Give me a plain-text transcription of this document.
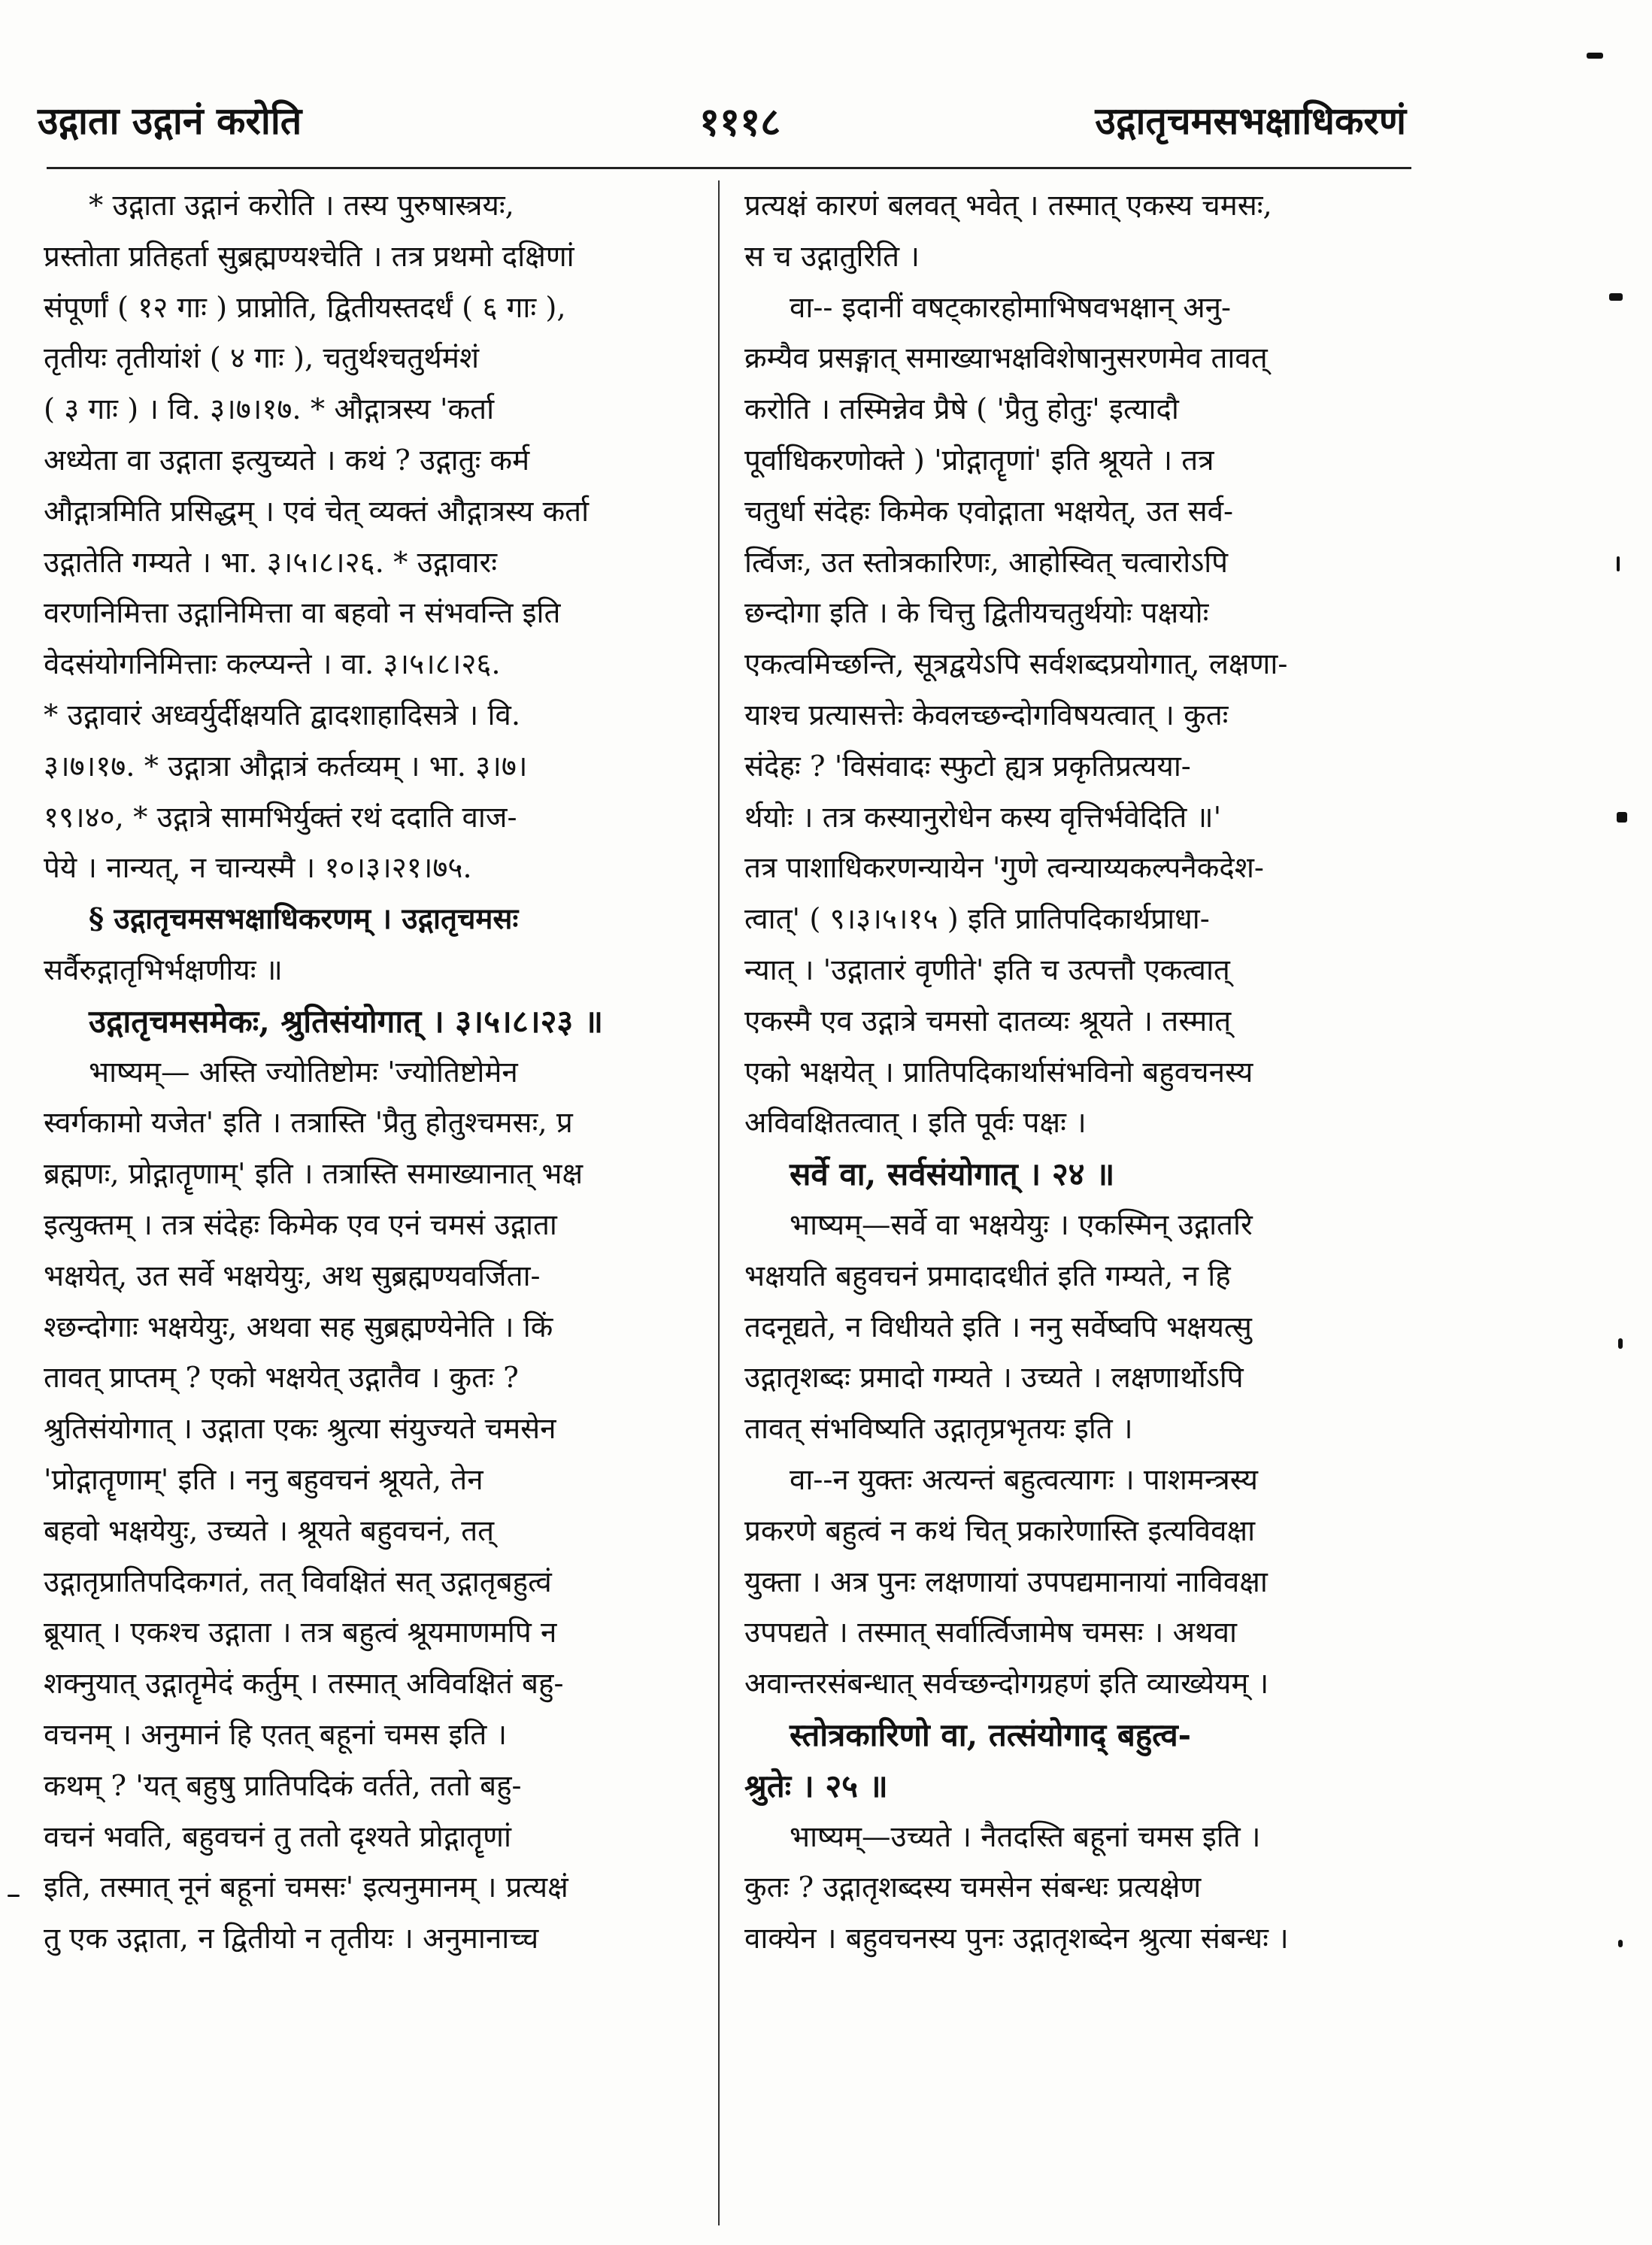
उद्गाता उद्गानं करोति	१११८	उद्गातृचमसभक्षाधिकरणं
* उद्गाता उद्गानं करोति । तस्य पुरुषास्त्रयः,
प्रस्तोता प्रतिहर्ता सुब्रह्मण्यश्चेति । तत्र प्रथमो दक्षिणां
संपूर्णां ( १२ गाः ) प्राप्नोति, द्वितीयस्तदर्धं ( ६ गाः ),
तृतीयः तृतीयांशं ( ४ गाः ), चतुर्थश्चतुर्थमंशं
( ३ गाः ) । वि. ३।७।१७. * औद्गात्रस्य 'कर्ता
अध्येता वा उद्गाता इत्युच्यते । कथं ? उद्गातुः कर्म
औद्गात्रमिति प्रसिद्धम् । एवं चेत् व्यक्तं औद्गात्रस्य कर्ता
उद्गातेति गम्यते । भा. ३।५।८।२६. * उद्गावारः
वरणनिमित्ता उद्गानिमित्ता वा बहवो न संभवन्ति इति
वेदसंयोगनिमित्ताः कल्प्यन्ते । वा. ३।५।८।२६.
* उद्गावारं अध्वर्युर्दीक्षयति द्वादशाहादिसत्रे । वि.
३।७।१७. * उद्गात्रा औद्गात्रं कर्तव्यम् । भा. ३।७।
१९।४०, * उद्गात्रे सामभिर्युक्तं रथं ददाति वाज-
पेये । नान्यत्, न चान्यस्मै । १०।३।२१।७५.
§ उद्गातृचमसभक्षाधिकरणम् । उद्गातृचमसः
सर्वैरुद्गातृभिर्भक्षणीयः ॥
उद्गातृचमसमेकः, श्रुतिसंयोगात् । ३।५।८।२३ ॥
भाष्यम्— अस्ति ज्योतिष्टोमः 'ज्योतिष्टोमेन
स्वर्गकामो यजेत' इति । तत्रास्ति 'प्रैतु होतुश्चमसः, प्र
ब्रह्मणः, प्रोद्गातॄणाम्' इति । तत्रास्ति समाख्यानात् भक्ष
इत्युक्तम् । तत्र संदेहः किमेक एव एनं चमसं उद्गाता
भक्षयेत्, उत सर्वे भक्षयेयुः, अथ सुब्रह्मण्यवर्जिता-
श्छन्दोगाः भक्षयेयुः, अथवा सह सुब्रह्मण्येनेति । किं
तावत् प्राप्तम् ? एको भक्षयेत् उद्गातैव । कुतः ?
श्रुतिसंयोगात् । उद्गाता एकः श्रुत्या संयुज्यते चमसेन
'प्रोद्गातॄणाम्' इति । ननु बहुवचनं श्रूयते, तेन
बहवो भक्षयेयुः, उच्यते । श्रूयते बहुवचनं, तत्
उद्गातृप्रातिपदिकगतं, तत् विवक्षितं सत् उद्गातृबहुत्वं
ब्रूयात् । एकश्च उद्गाता । तत्र बहुत्वं श्रूयमाणमपि न
शक्नुयात् उद्गातॄमेदं कर्तुम् । तस्मात् अविवक्षितं बहु-
वचनम् । अनुमानं हि एतत् बहूनां चमस इति ।
कथम् ? 'यत् बहुषु प्रातिपदिकं वर्तते, ततो बहु-
वचनं भवति, बहुवचनं तु ततो दृश्यते प्रोद्गातॄणां
इति, तस्मात् नूनं बहूनां चमसः' इत्यनुमानम् । प्रत्यक्षं
तु एक उद्गाता, न द्वितीयो न तृतीयः । अनुमानाच्च
प्रत्यक्षं कारणं बलवत् भवेत् । तस्मात् एकस्य चमसः,
स च उद्गातुरिति ।
वा-- इदानीं वषट्कारहोमाभिषवभक्षान् अनु-
क्रम्यैव प्रसङ्गात् समाख्याभक्षविशेषानुसरणमेव तावत्
करोति । तस्मिन्नेव प्रैषे ( 'प्रैतु होतुः' इत्यादौ
पूर्वाधिकरणोक्ते ) 'प्रोद्गातॄणां' इति श्रूयते । तत्र
चतुर्धा संदेहः किमेक एवोद्गाता भक्षयेत्, उत सर्व-
र्त्विजः, उत स्तोत्रकारिणः, आहोस्वित् चत्वारोऽपि
छन्दोगा इति । के चित्तु द्वितीयचतुर्थयोः पक्षयोः
एकत्वमिच्छन्ति, सूत्रद्वयेऽपि सर्वशब्दप्रयोगात्, लक्षणा-
याश्च प्रत्यासत्तेः केवलच्छन्दोगविषयत्वात् । कुतः
संदेहः ? 'विसंवादः स्फुटो ह्यत्र प्रकृतिप्रत्यया-
र्थयोः । तत्र कस्यानुरोधेन कस्य वृत्तिर्भवेदिति ॥'
तत्र पाशाधिकरणन्यायेन 'गुणे त्वन्याय्यकल्पनैकदेश-
त्वात्' ( ९।३।५।१५ ) इति प्रातिपदिकार्थप्राधा-
न्यात् । 'उद्गातारं वृणीते' इति च उत्पत्तौ एकत्वात्
एकस्मै एव उद्गात्रे चमसो दातव्यः श्रूयते । तस्मात्
एको भक्षयेत् । प्रातिपदिकार्थासंभविनो बहुवचनस्य
अविवक्षितत्वात् । इति पूर्वः पक्षः ।
सर्वे वा, सर्वसंयोगात् । २४ ॥
भाष्यम्—सर्वे वा भक्षयेयुः । एकस्मिन् उद्गातरि
भक्षयति बहुवचनं प्रमादादधीतं इति गम्यते, न हि
तदनूद्यते, न विधीयते इति । ननु सर्वेष्वपि भक्षयत्सु
उद्गातृशब्दः प्रमादो गम्यते । उच्यते । लक्षणार्थोऽपि
तावत् संभविष्यति उद्गातृप्रभृतयः इति ।
वा--न युक्तः अत्यन्तं बहुत्वत्यागः । पाशमन्त्रस्य
प्रकरणे बहुत्वं न कथं चित् प्रकारेणास्ति इत्यविवक्षा
युक्ता । अत्र पुनः लक्षणायां उपपद्यमानायां नाविवक्षा
उपपद्यते । तस्मात् सर्वार्त्विजामेष चमसः । अथवा
अवान्तरसंबन्धात् सर्वच्छन्दोगग्रहणं इति व्याख्येयम् ।
स्तोत्रकारिणो वा, तत्संयोगाद् बहुत्व-
श्रुतेः । २५ ॥
भाष्यम्—उच्यते । नैतदस्ति बहूनां चमस इति ।
कुतः ? उद्गातृशब्दस्य चमसेन संबन्धः प्रत्यक्षेण
वाक्येन । बहुवचनस्य पुनः उद्गातृशब्देन श्रुत्या संबन्धः ।
